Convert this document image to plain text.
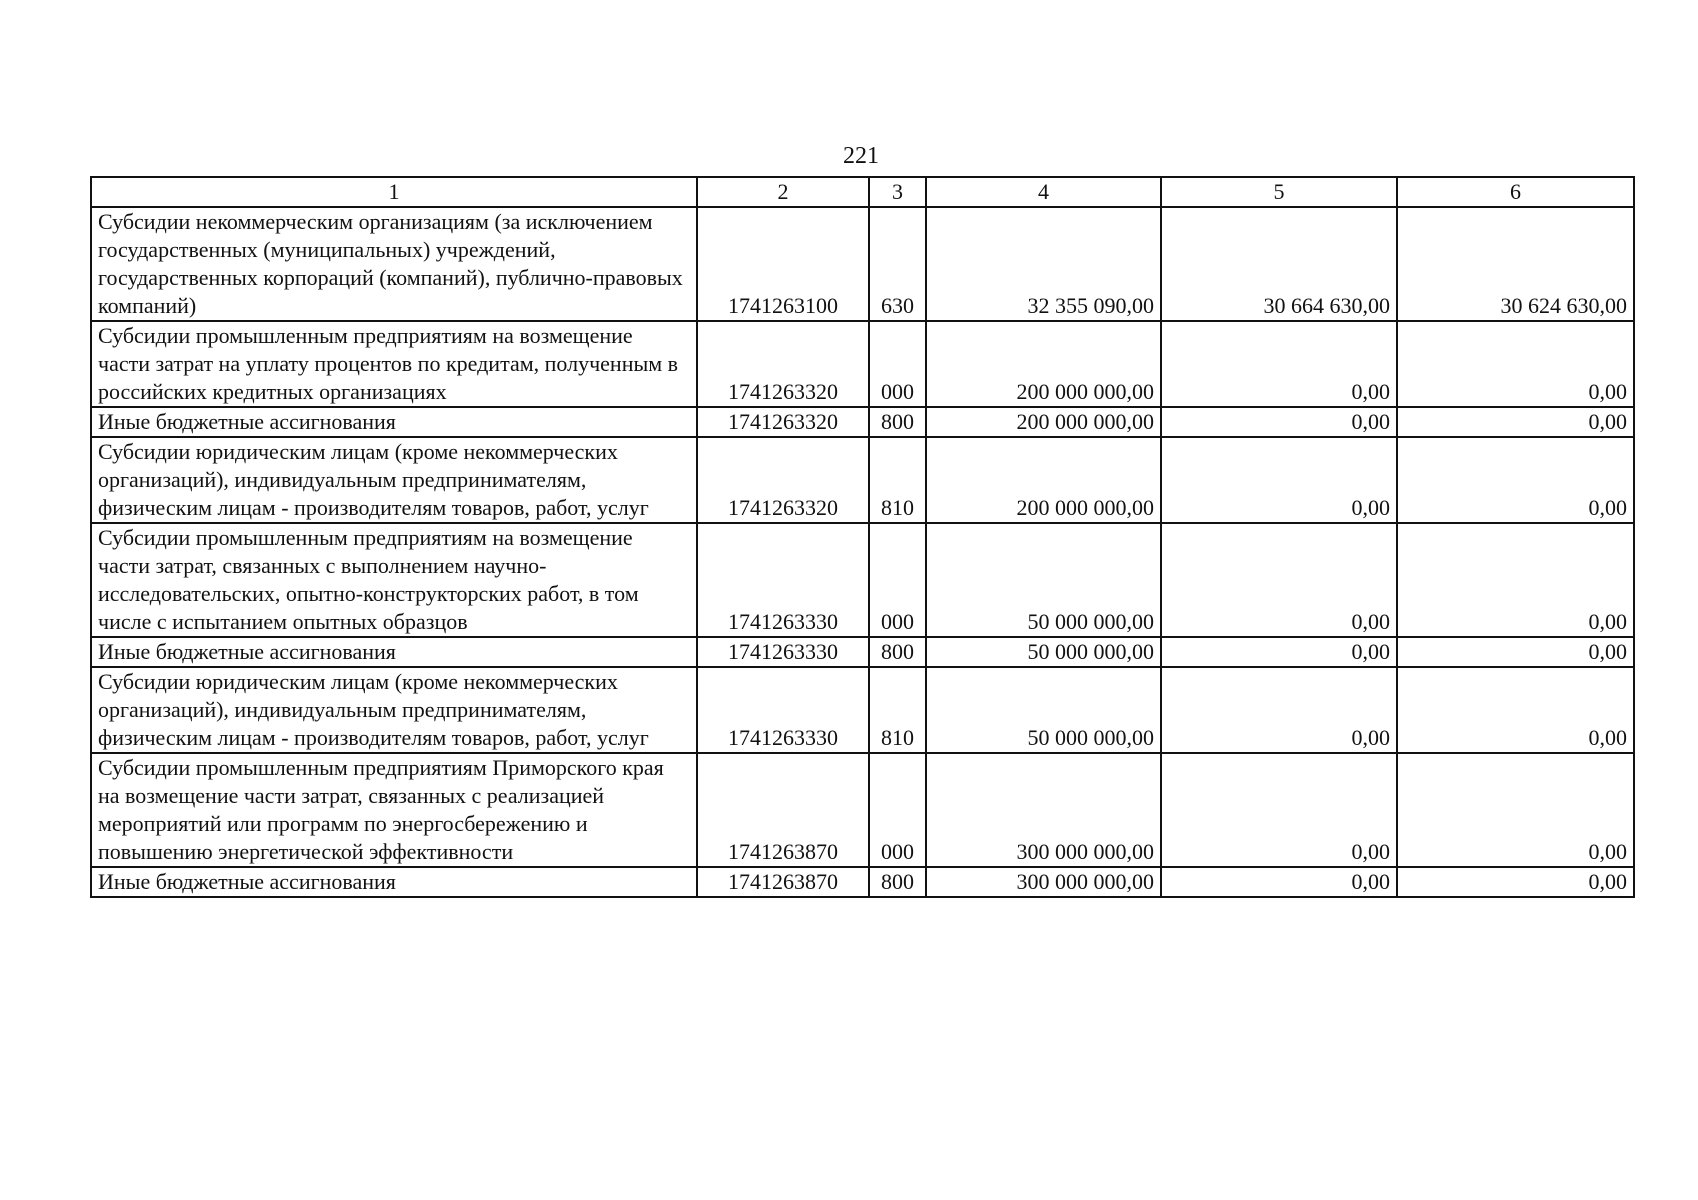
221
1	2	3	4	5	6
Субсидии некоммерческим организациям (за исключением государственных (муниципальных) учреждений, государственных корпораций (компаний), публично-правовых компаний)	1741263100	630	32 355 090,00	30 664 630,00	30 624 630,00
Субсидии промышленным предприятиям на возмещение части затрат на уплату процентов по кредитам, полученным в российских кредитных организациях	1741263320	000	200 000 000,00	0,00	0,00
Иные бюджетные ассигнования	1741263320	800	200 000 000,00	0,00	0,00
Субсидии юридическим лицам (кроме некоммерческих организаций), индивидуальным предпринимателям, физическим лицам - производителям товаров, работ, услуг	1741263320	810	200 000 000,00	0,00	0,00
Субсидии промышленным предприятиям на возмещение части затрат, связанных с выполнением научно-исследовательских, опытно-конструкторских работ, в том числе с испытанием опытных образцов	1741263330	000	50 000 000,00	0,00	0,00
Иные бюджетные ассигнования	1741263330	800	50 000 000,00	0,00	0,00
Субсидии юридическим лицам (кроме некоммерческих организаций), индивидуальным предпринимателям, физическим лицам - производителям товаров, работ, услуг	1741263330	810	50 000 000,00	0,00	0,00
Субсидии промышленным предприятиям Приморского края на возмещение части затрат, связанных с реализацией мероприятий или программ по энергосбережению и повышению энергетической эффективности	1741263870	000	300 000 000,00	0,00	0,00
Иные бюджетные ассигнования	1741263870	800	300 000 000,00	0,00	0,00
